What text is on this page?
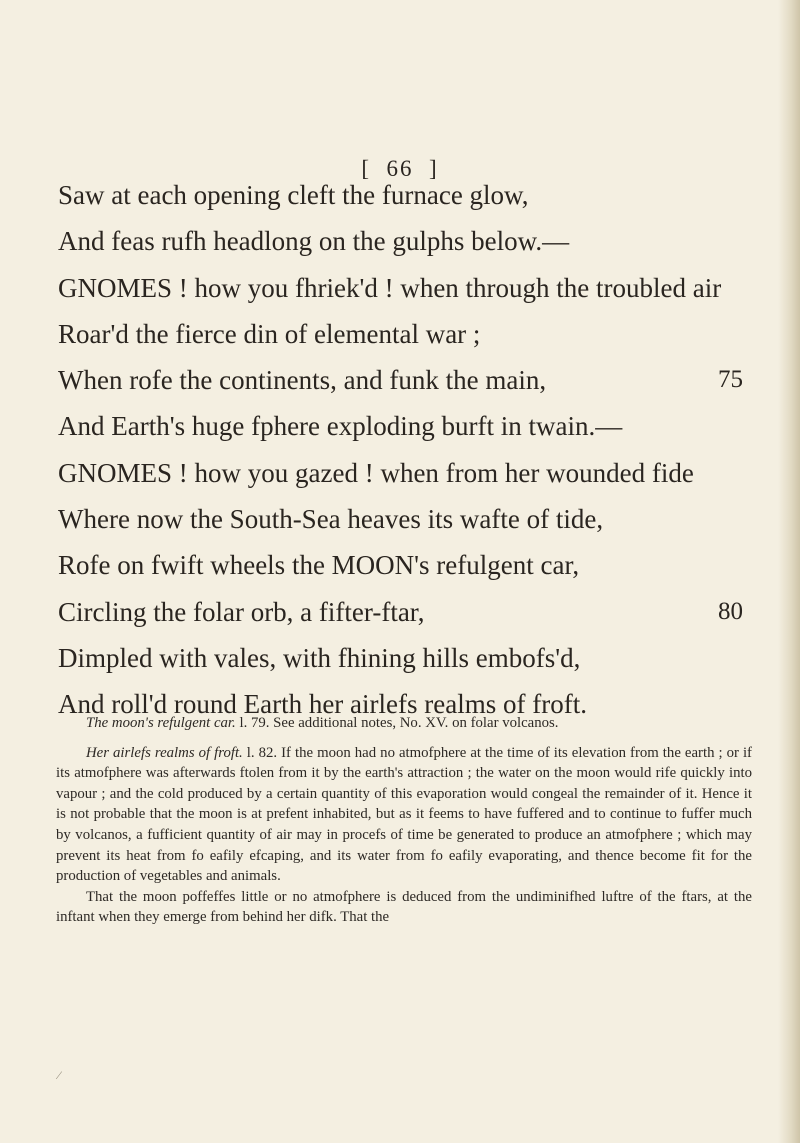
[  66  ]
Saw at each opening cleft the furnace glow,
And feas rufh headlong on the gulphs below.—
GNOMES ! how you fhriek'd ! when through the troubled air
Roar'd the fierce din of elemental war ;
When rofe the continents, and funk the main,	75
And Earth's huge fphere exploding burft in twain.—
GNOMES ! how you gazed ! when from her wounded fide
Where now the South-Sea heaves its wafte of tide,
Rofe on fwift wheels the MOON's refulgent car,
Circling the folar orb, a fifter-ftar,	80
Dimpled with vales, with fhining hills embofs'd,
And roll'd round Earth her airlefs realms of froft.

The moon's refulgent car. l. 79. See additional notes, No. XV. on folar volcanos.

Her airlefs realms of froft. l. 82. If the moon had no atmofphere at the time of its elevation from the earth ; or if its atmofphere was afterwards ftolen from it by the earth's attraction ; the water on the moon would rife quickly into vapour ; and the cold produced by a certain quantity of this evaporation would congeal the remainder of it. Hence it is not probable that the moon is at prefent inhabited, but as it feems to have fuffered and to continue to fuffer much by volcanos, a fufficient quantity of air may in procefs of time be generated to produce an atmofphere ; which may prevent its heat from fo eafily efcaping, and its water from fo eafily evaporating, and thence become fit for the production of vegetables and animals.

That the moon poffeffes little or no atmofphere is deduced from the undiminifhed luftre of the ftars, at the inftant when they emerge from behind her difk. That the

⁄
